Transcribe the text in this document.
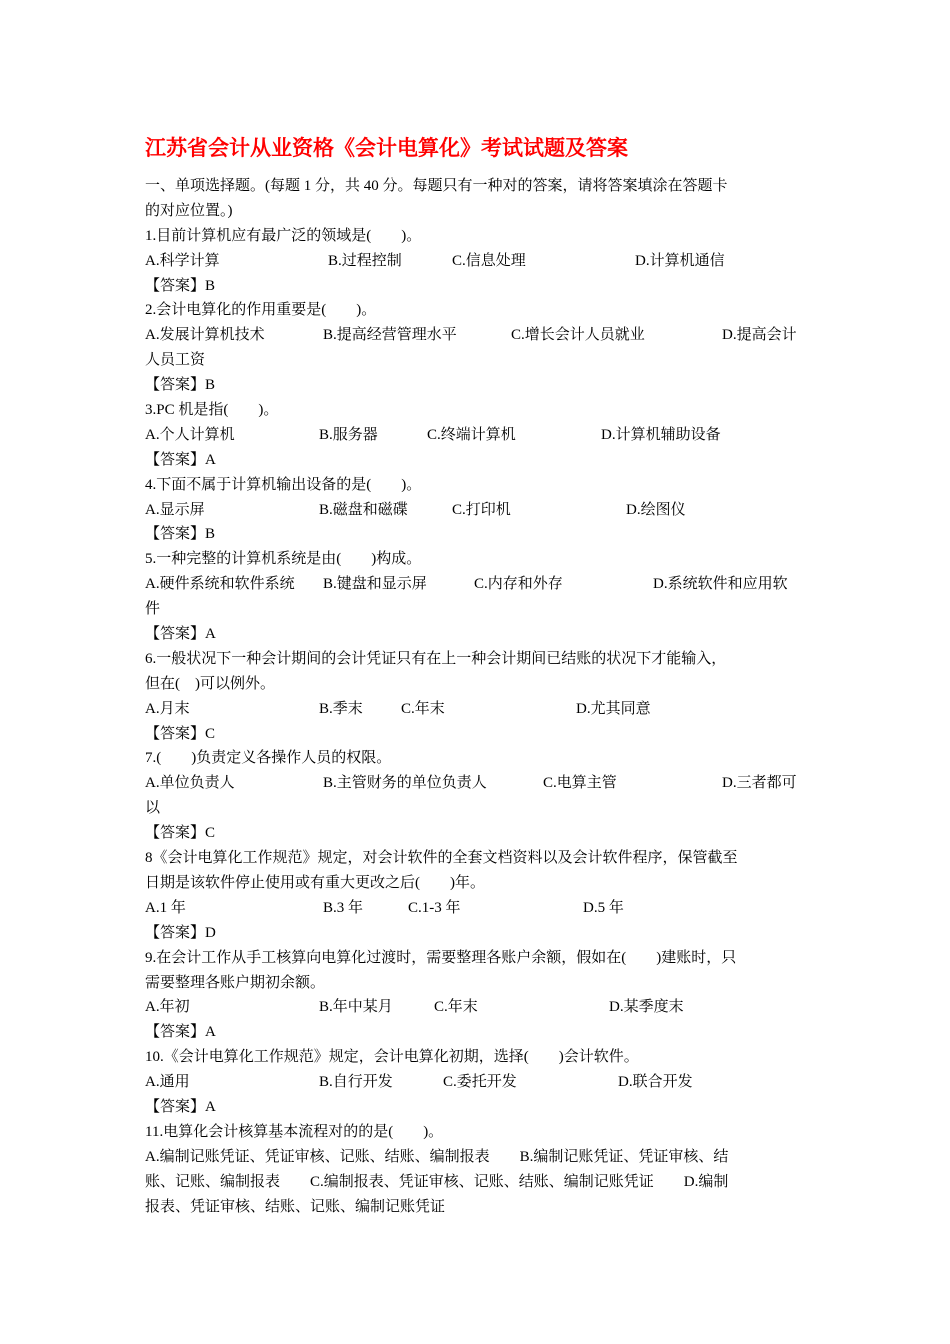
江苏省会计从业资格《会计电算化》考试试题及答案
一、单项选择题。(每题 1 分，共 40 分。每题只有一种对的答案，请将答案填涂在答题卡
的对应位置。)
1.目前计算机应有最广泛的领域是(　　)。
A.科学计算	B.过程控制	C.信息处理	D.计算机通信
【答案】B
2.会计电算化的作用重要是(　　)。
A.发展计算机技术	B.提高经营管理水平	C.增长会计人员就业	D.提高会计
人员工资
【答案】B
3.PC 机是指(　　)。
A.个人计算机	B.服务器	C.终端计算机	D.计算机辅助设备
【答案】A
4.下面不属于计算机输出设备的是(　　)。
A.显示屏	B.磁盘和磁碟	C.打印机	D.绘图仪
【答案】B
5.一种完整的计算机系统是由(　　)构成。
A.硬件系统和软件系统 B.键盘和显示屏	C.内存和外存	D.系统软件和应用软
件
【答案】A
6.一般状况下一种会计期间的会计凭证只有在上一种会计期间已结账的状况下才能输入，
但在(　)可以例外。
A.月末	B.季末	C.年末	D.尤其同意
【答案】C
7.(　　)负责定义各操作人员的权限。
A.单位负责人	B.主管财务的单位负责人	C.电算主管	D.三者都可
以
【答案】C
8《会计电算化工作规范》规定，对会计软件的全套文档资料以及会计软件程序，保管截至
日期是该软件停止使用或有重大更改之后(　　)年。
A.1 年	B.3 年	C.1-3 年	D.5 年
【答案】D
9.在会计工作从手工核算向电算化过渡时，需要整理各账户余额，假如在(　　)建账时，只
需要整理各账户期初余额。
A.年初	B.年中某月	C.年末	D.某季度末
【答案】A
10.《会计电算化工作规范》规定，会计电算化初期，选择(　　)会计软件。
A.通用	B.自行开发	C.委托开发	D.联合开发
【答案】A
11.电算化会计核算基本流程对的的是(　　)。
A.编制记账凭证、凭证审核、记账、结账、编制报表　　B.编制记账凭证、凭证审核、结
账、记账、编制报表　　C.编制报表、凭证审核、记账、结账、编制记账凭证　　D.编制
报表、凭证审核、结账、记账、编制记账凭证
